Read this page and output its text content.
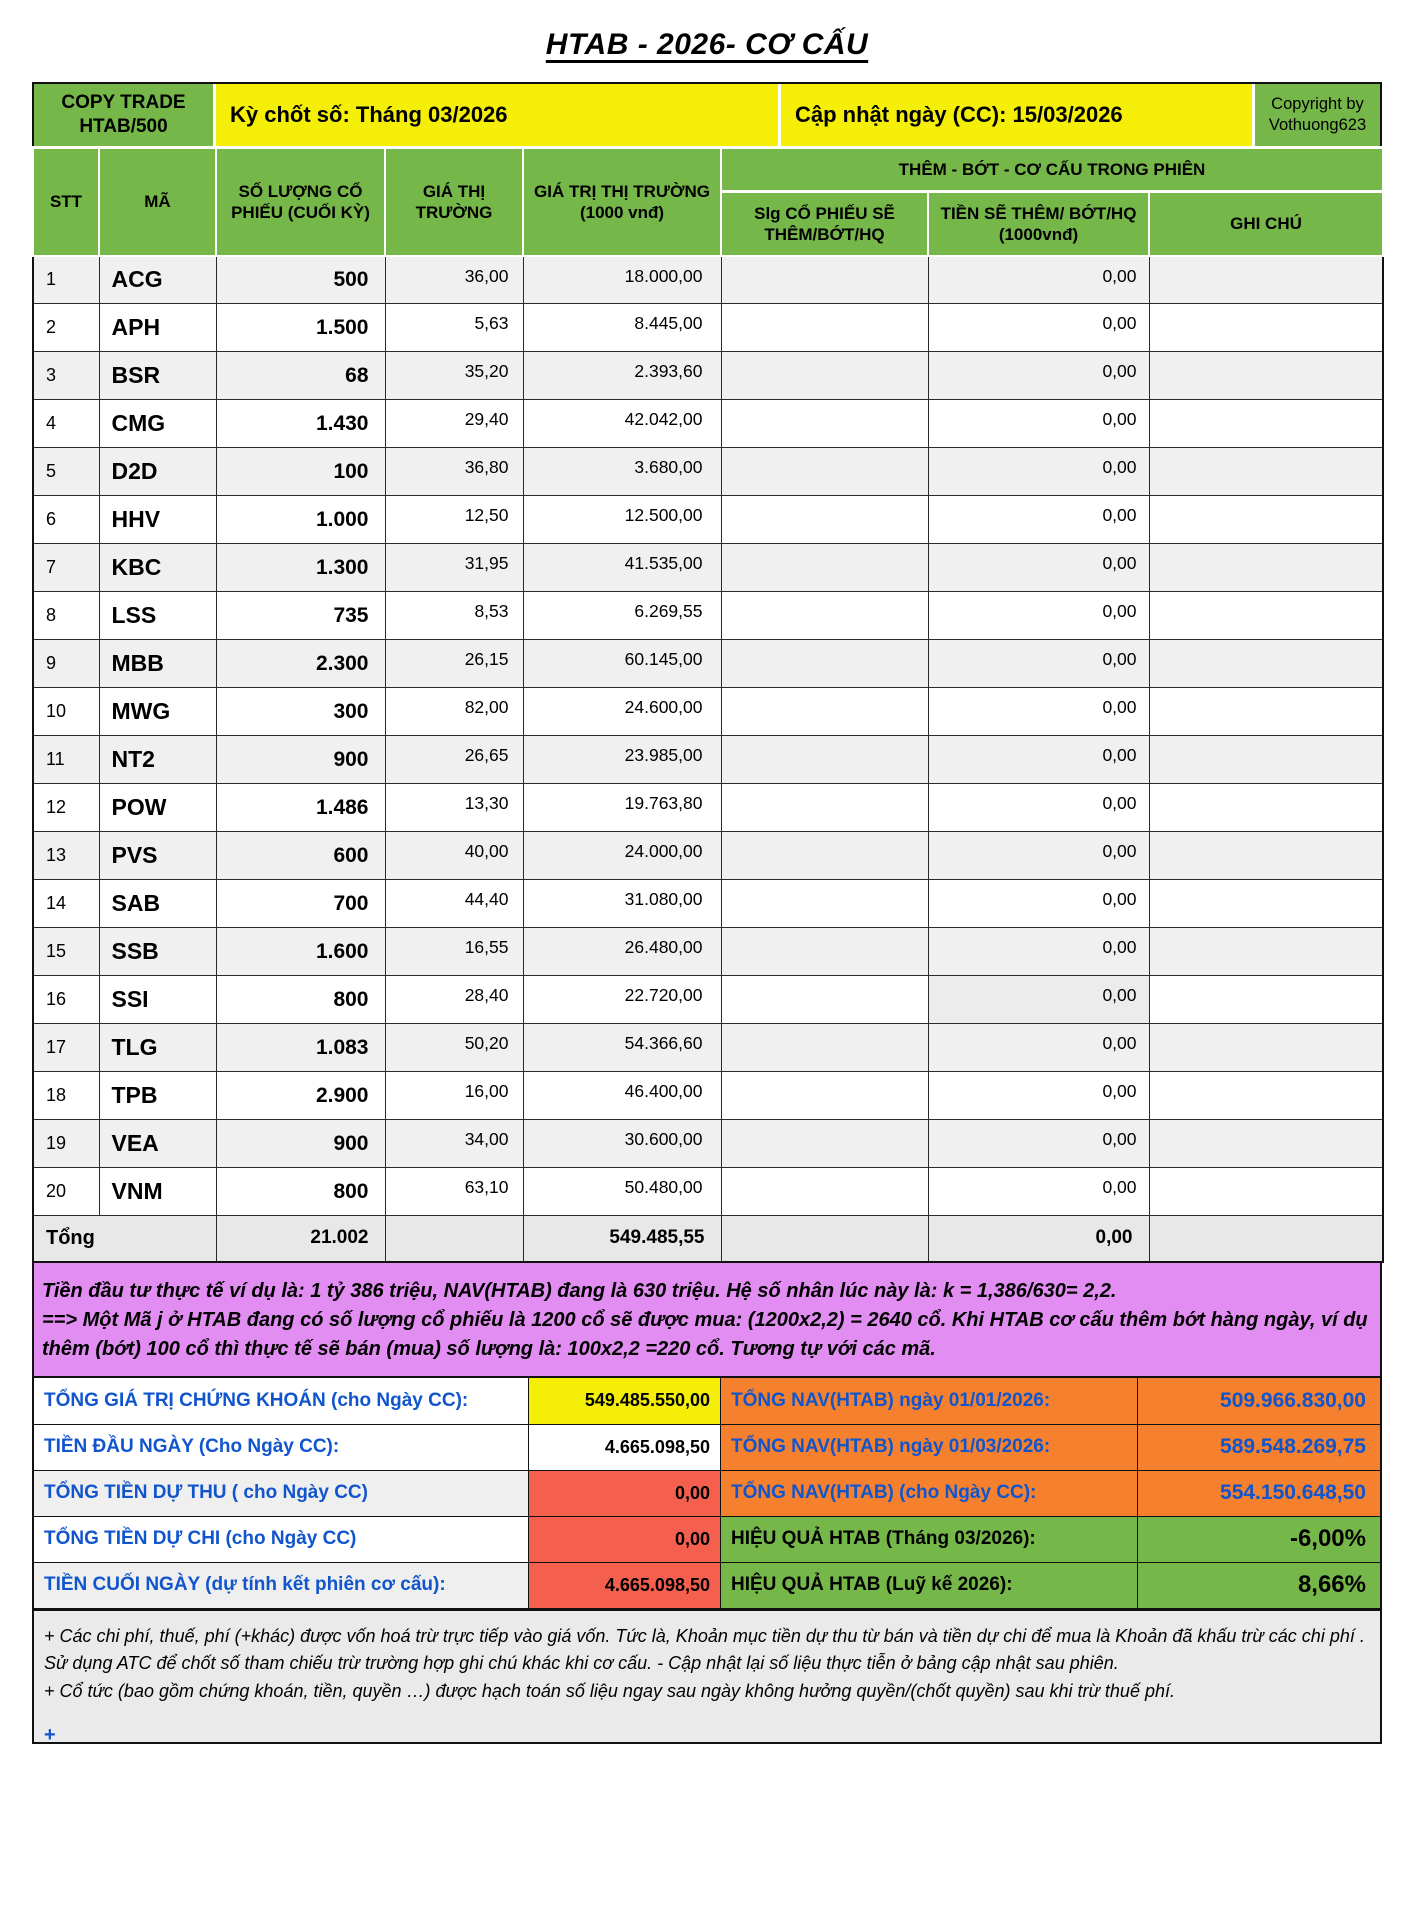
HTAB - 2026- CƠ CẤU
COPY TRADE
HTAB/500	Kỳ chốt số: Tháng 03/2026	Cập nhật ngày (CC): 15/03/2026	Copyright by
Vothuong623
STT	MÃ	SỐ LƯỢNG CỔ PHIẾU (CUỐI KỲ)	GIÁ THỊ TRƯỜNG	GIÁ TRỊ THỊ TRƯỜNG (1000 vnđ)	THÊM - BỚT - CƠ CẤU TRONG PHIÊN		
					Slg CỔ PHIẾU SẼ THÊM/BỚT/HQ	TIỀN SẼ THÊM/ BỚT/HQ (1000vnđ)	GHI CHÚ
1	ACG	500	36,00	18.000,00		0,00	
2	APH	1.500	5,63	8.445,00		0,00	
3	BSR	68	35,20	2.393,60		0,00	
4	CMG	1.430	29,40	42.042,00		0,00	
5	D2D	100	36,80	3.680,00		0,00	
6	HHV	1.000	12,50	12.500,00		0,00	
7	KBC	1.300	31,95	41.535,00		0,00	
8	LSS	735	8,53	6.269,55		0,00	
9	MBB	2.300	26,15	60.145,00		0,00	
10	MWG	300	82,00	24.600,00		0,00	
11	NT2	900	26,65	23.985,00		0,00	
12	POW	1.486	13,30	19.763,80		0,00	
13	PVS	600	40,00	24.000,00		0,00	
14	SAB	700	44,40	31.080,00		0,00	
15	SSB	1.600	16,55	26.480,00		0,00	
16	SSI	800	28,40	22.720,00		0,00	
17	TLG	1.083	50,20	54.366,60		0,00	
18	TPB	2.900	16,00	46.400,00		0,00	
19	VEA	900	34,00	30.600,00		0,00	
20	VNM	800	63,10	50.480,00		0,00	
Tổng		21.002		549.485,55		0,00	
Tiền đầu tư thực tế ví dụ là: 1 tỷ 386 triệu, NAV(HTAB) đang là 630 triệu. Hệ số nhân lúc này là: k = 1,386/630= 2,2.
==> Một Mã j ở HTAB đang có số lượng cổ phiếu là 1200 cổ sẽ được mua: (1200x2,2) = 2640 cổ. Khi HTAB cơ cấu thêm bớt hàng ngày, ví dụ thêm (bớt) 100 cổ thì thực tế sẽ bán (mua) số lượng là: 100x2,2 =220 cổ. Tương tự với các mã.
TỔNG GIÁ TRỊ CHỨNG KHOÁN (cho Ngày CC):	549.485.550,00	TỔNG NAV(HTAB) ngày 01/01/2026:	509.966.830,00
TIỀN ĐẦU NGÀY (Cho Ngày CC):	4.665.098,50	TỔNG NAV(HTAB) ngày 01/03/2026:	589.548.269,75
TỔNG TIỀN DỰ THU ( cho Ngày CC)	0,00	TỔNG NAV(HTAB) (cho Ngày CC):	554.150.648,50
TỔNG TIỀN DỰ CHI (cho Ngày CC)	0,00	HIỆU QUẢ HTAB (Tháng 03/2026):	-6,00%
TIỀN CUỐI NGÀY (dự tính kết phiên cơ cấu):	4.665.098,50	HIỆU QUẢ HTAB (Luỹ kế 2026):	8,66%
+ Các chi phí, thuế, phí (+khác) được vốn hoá trừ trực tiếp vào giá vốn. Tức là, Khoản mục tiền dự thu từ bán và tiền dự chi để mua là Khoản đã khấu trừ các chi phí . Sử dụng ATC để chốt số tham chiếu trừ trường hợp ghi chú khác khi cơ cấu. - Cập nhật lại số liệu thực tiễn ở bảng cập nhật sau phiên.
+ Cổ tức (bao gồm chứng khoán, tiền, quyền …) được hạch toán số liệu ngay sau ngày không hưởng quyền/(chốt quyền) sau khi trừ thuế phí.
+
